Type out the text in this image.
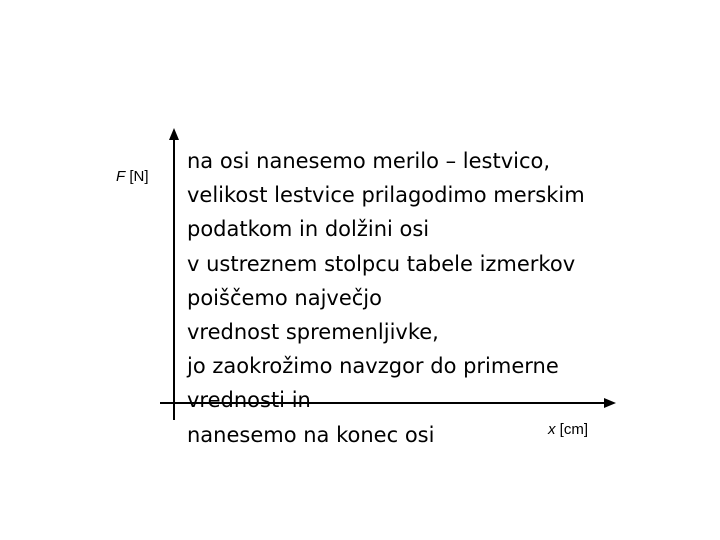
F [N]
x [cm]
na osi nanesemo merilo – lestvico,
velikost lestvice prilagodimo merskim
podatkom in dolžini osi
v ustreznem stolpcu tabele izmerkov
poiščemo največjo
vrednost spremenljivke,
jo zaokrožimo navzgor do primerne
vrednosti in
nanesemo na konec osi
